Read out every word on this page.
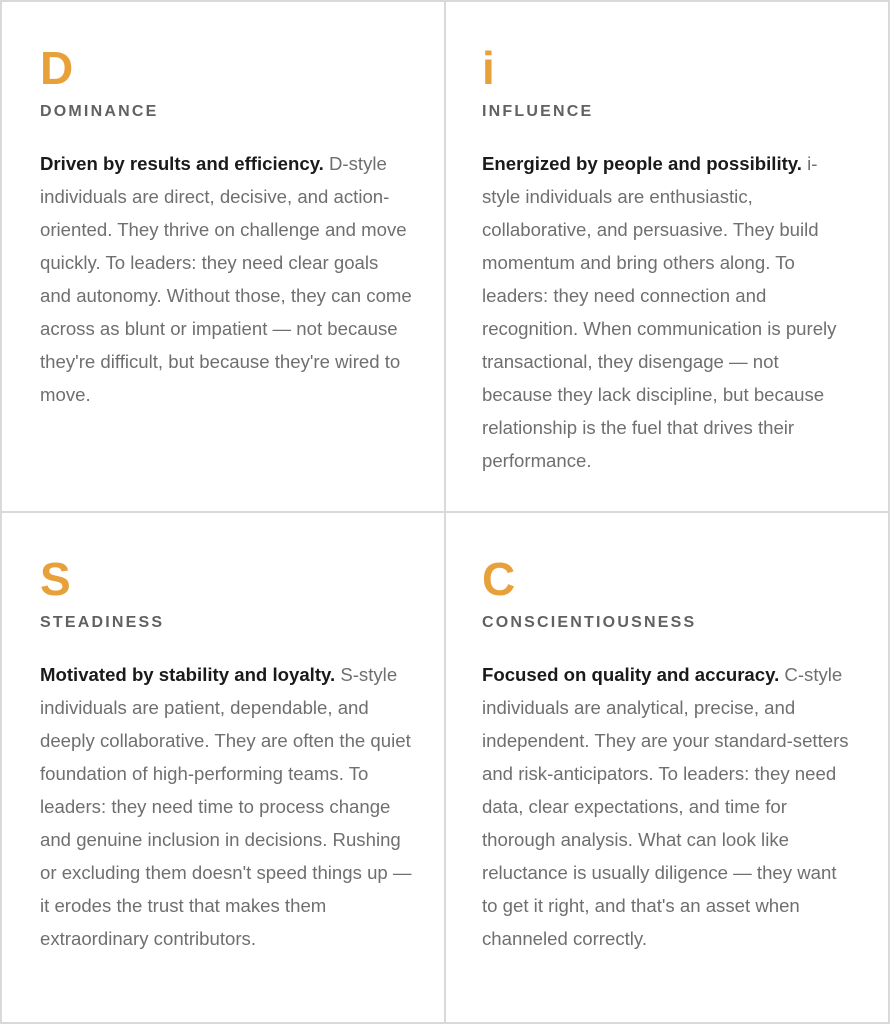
D
DOMINANCE

Driven by results and efficiency. D-style individuals are direct, decisive, and action-oriented. They thrive on challenge and move quickly. To leaders: they need clear goals and autonomy. Without those, they can come across as blunt or impatient — not because they're difficult, but because they're wired to move.

i
INFLUENCE

Energized by people and possibility. i-style individuals are enthusiastic, collaborative, and persuasive. They build momentum and bring others along. To leaders: they need connection and recognition. When communication is purely transactional, they disengage — not because they lack discipline, but because relationship is the fuel that drives their performance.

S
STEADINESS

Motivated by stability and loyalty. S-style individuals are patient, dependable, and deeply collaborative. They are often the quiet foundation of high-performing teams. To leaders: they need time to process change and genuine inclusion in decisions. Rushing or excluding them doesn't speed things up — it erodes the trust that makes them extraordinary contributors.

C
CONSCIENTIOUSNESS

Focused on quality and accuracy. C-style individuals are analytical, precise, and independent. They are your standard-setters and risk-anticipators. To leaders: they need data, clear expectations, and time for thorough analysis. What can look like reluctance is usually diligence — they want to get it right, and that's an asset when channeled correctly.
